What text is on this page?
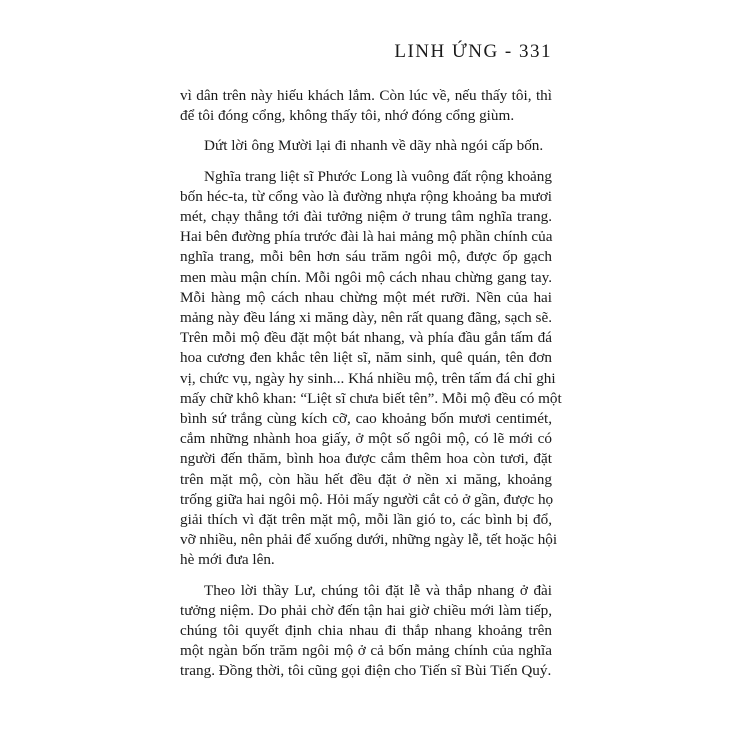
LINH ỨNG - 331
vì dân trên này hiếu khách lắm. Còn lúc về, nếu thấy tôi, thì
để tôi đóng cổng, không thấy tôi, nhớ đóng cổng giùm.
Dứt lời ông Mười lại đi nhanh về dãy nhà ngói cấp bốn.
Nghĩa trang liệt sĩ Phước Long là vuông đất rộng khoảng
bốn héc-ta, từ cổng vào là đường nhựa rộng khoảng ba mươi
mét, chạy thẳng tới đài tưởng niệm ở trung tâm nghĩa trang.
Hai bên đường phía trước đài là hai mảng mộ phần chính của
nghĩa trang, mỗi bên hơn sáu trăm ngôi mộ, được ốp gạch
men màu mận chín. Mỗi ngôi mộ cách nhau chừng gang tay.
Mỗi hàng mộ cách nhau chừng một mét rưỡi. Nền của hai
mảng này đều láng xi măng dày, nên rất quang đãng, sạch sẽ.
Trên mỗi mộ đều đặt một bát nhang, và phía đầu gắn tấm đá
hoa cương đen khắc tên liệt sĩ, năm sinh, quê quán, tên đơn
vị, chức vụ, ngày hy sinh... Khá nhiều mộ, trên tấm đá chỉ ghi
mấy chữ khô khan: “Liệt sĩ chưa biết tên”. Mỗi mộ đều có một
bình sứ trắng cùng kích cỡ, cao khoảng bốn mươi centimét,
cắm những nhành hoa giấy, ở một số ngôi mộ, có lẽ mới có
người đến thăm, bình hoa được cắm thêm hoa còn tươi, đặt
trên mặt mộ, còn hầu hết đều đặt ở nền xi măng, khoảng
trống giữa hai ngôi mộ. Hỏi mấy người cắt cỏ ở gần, được họ
giải thích vì đặt trên mặt mộ, mỗi lần gió to, các bình bị đổ,
vỡ nhiều, nên phải để xuống dưới, những ngày lễ, tết hoặc hội
hè mới đưa lên.
Theo lời thầy Lư, chúng tôi đặt lễ và thắp nhang ở đài
tưởng niệm. Do phải chờ đến tận hai giờ chiều mới làm tiếp,
chúng tôi quyết định chia nhau đi thắp nhang khoảng trên
một ngàn bốn trăm ngôi mộ ở cả bốn mảng chính của nghĩa
trang. Đồng thời, tôi cũng gọi điện cho Tiến sĩ Bùi Tiến Quý.
